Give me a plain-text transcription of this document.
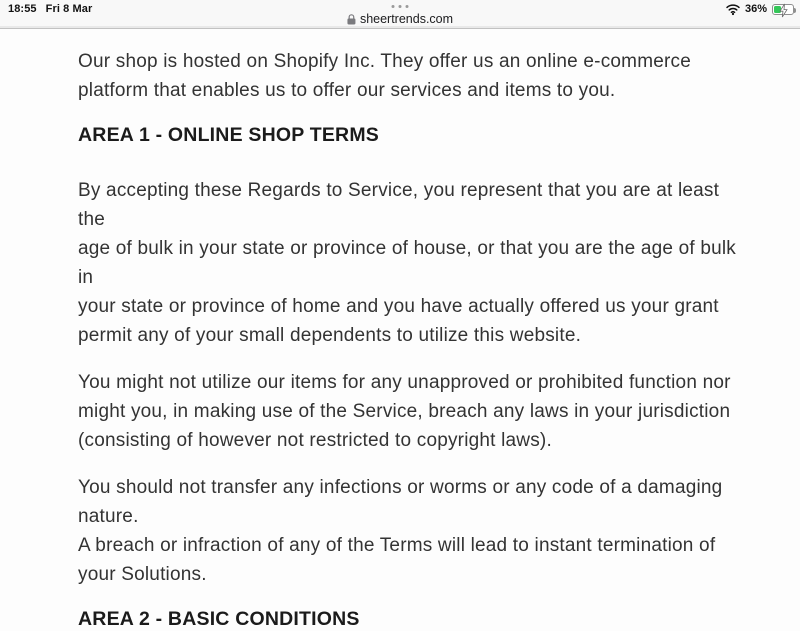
18:55 Fri 8 Mar
sheertrends.com
36%

Our shop is hosted on Shopify Inc. They offer us an online e-commerce
platform that enables us to offer our services and items to you.

AREA 1 - ONLINE SHOP TERMS

By accepting these Regards to Service, you represent that you are at least the
age of bulk in your state or province of house, or that you are the age of bulk in
your state or province of home and you have actually offered us your grant
permit any of your small dependents to utilize this website.

You might not utilize our items for any unapproved or prohibited function nor
might you, in making use of the Service, breach any laws in your jurisdiction
(consisting of however not restricted to copyright laws).

You should not transfer any infections or worms or any code of a damaging
nature.
A breach or infraction of any of the Terms will lead to instant termination of
your Solutions.

AREA 2 - BASIC CONDITIONS
